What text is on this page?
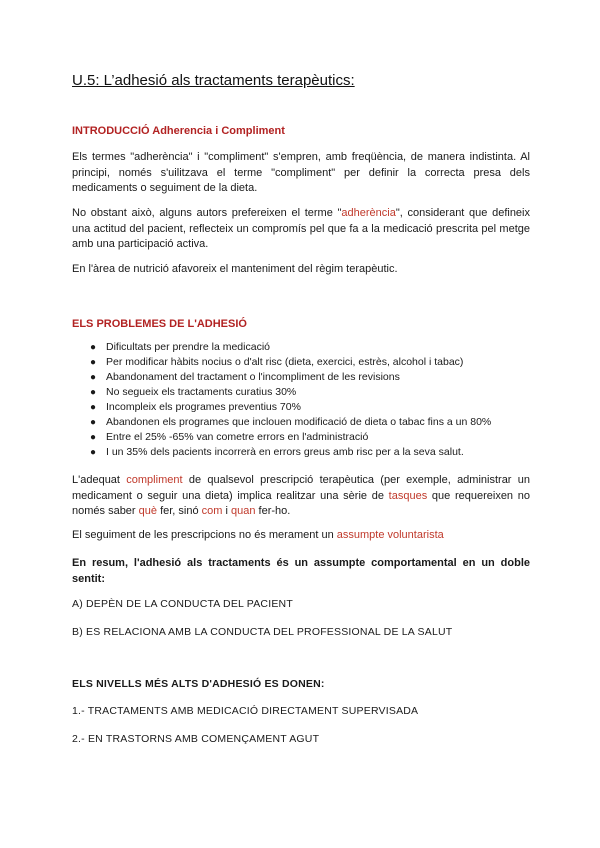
U.5: L’adhesió als tractaments terapèutics:

INTRODUCCIÓ Adherencia i Compliment

Els termes "adherència" i "compliment" s'empren, amb freqüència, de manera indistinta. Al principi, només s'uilitzava el terme "compliment" per definir la correcta presa dels medicaments o seguiment de la dieta.

No obstant això, alguns autors prefereixen el terme "adherència", considerant que defineix una actitud del pacient, reflecteix un compromís pel que fa a la medicació prescrita pel metge amb una participació activa.

En l'àrea de nutrició afavoreix el manteniment del règim terapèutic.

ELS PROBLEMES DE L'ADHESIÓ

● Dificultats per prendre la medicació
● Per modificar hàbits nocius o d'alt risc (dieta, exercici, estrès, alcohol i tabac)
● Abandonament del tractament o l'incompliment de les revisions
● No segueix els tractaments curatius 30%
● Incompleix els programes preventius 70%
● Abandonen els programes que inclouen modificació de dieta o tabac fins a un 80%
● Entre el 25% -65% van cometre errors en l'administració
● I un 35% dels pacients incorrerà en errors greus amb risc per a la seva salut.

L'adequat compliment de qualsevol prescripció terapèutica (per exemple, administrar un medicament o seguir una dieta) implica realitzar una sèrie de tasques que requereixen no només saber què fer, sinó com i quan fer-ho.

El seguiment de les prescripcions no és merament un assumpte voluntarista

En resum, l'adhesió als tractaments és un assumpte comportamental en un doble sentit:

A) DEPÈN DE LA CONDUCTA DEL PACIENT

B) ES RELACIONA AMB LA CONDUCTA DEL PROFESSIONAL DE LA SALUT

ELS NIVELLS MÉS ALTS D'ADHESIÓ ES DONEN:

1.- TRACTAMENTS AMB MEDICACIÓ DIRECTAMENT SUPERVISADA

2.- EN TRASTORNS AMB COMENÇAMENT AGUT
